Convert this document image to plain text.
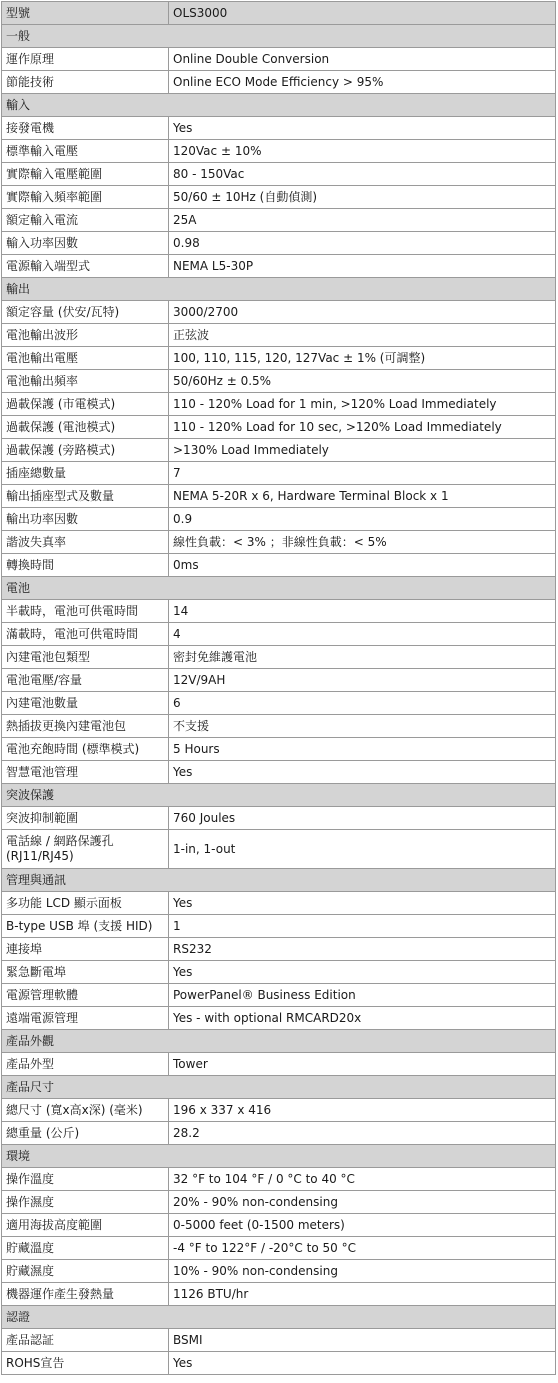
型號	OLS3000
一般	
運作原理	Online Double Conversion
節能技術	Online ECO Mode Efficiency > 95%
輸入	
接發電機	Yes
標準輸入電壓	120Vac ± 10%
實際輸入電壓範圍	80 - 150Vac
實際輸入頻率範圍	50/60 ± 10Hz (自動偵測)
額定輸入電流	25A
輸入功率因數	0.98
電源輸入端型式	NEMA L5-30P
輸出	
額定容量 (伏安/瓦特)	3000/2700
電池輸出波形	正弦波
電池輸出電壓	100, 110, 115, 120, 127Vac ± 1% (可調整)
電池輸出頻率	50/60Hz ± 0.5%
過載保護 (市電模式)	110 - 120% Load for 1 min, >120% Load Immediately
過載保護 (電池模式)	110 - 120% Load for 10 sec, >120% Load Immediately
過載保護 (旁路模式)	>130% Load Immediately
插座總數量	7
輸出插座型式及數量	NEMA 5-20R x 6, Hardware Terminal Block x 1
輸出功率因數	0.9
諧波失真率	線性負載：< 3% ；非線性負載：< 5%
轉換時間	0ms
電池	
半載時，電池可供電時間	14
滿載時，電池可供電時間	4
內建電池包類型	密封免維護電池
電池電壓/容量	12V/9AH
內建電池數量	6
熱插拔更換內建電池包	不支援
電池充飽時間 (標準模式)	5 Hours
智慧電池管理	Yes
突波保護	
突波抑制範圍	760 Joules
電話線 / 網路保護孔 (RJ11/RJ45)	1-in, 1-out
管理與通訊	
多功能 LCD 顯示面板	Yes
B-type USB 埠 (支援 HID)	1
連接埠	RS232
緊急斷電埠	Yes
電源管理軟體	PowerPanel® Business Edition
遠端電源管理	Yes - with optional RMCARD20x
產品外觀	
產品外型	Tower
產品尺寸	
總尺寸 (寬x高x深) (毫米)	196 x 337 x 416
總重量 (公斤)	28.2
環境	
操作溫度	32 °F to 104 °F / 0 °C to 40 °C
操作濕度	20% - 90% non-condensing
適用海拔高度範圍	0-5000 feet (0-1500 meters)
貯藏溫度	-4 °F to 122°F / -20°C to 50 °C
貯藏濕度	10% - 90% non-condensing
機器運作產生發熱量	1126 BTU/hr
認證	
產品認証	BSMI
ROHS宣告	Yes
